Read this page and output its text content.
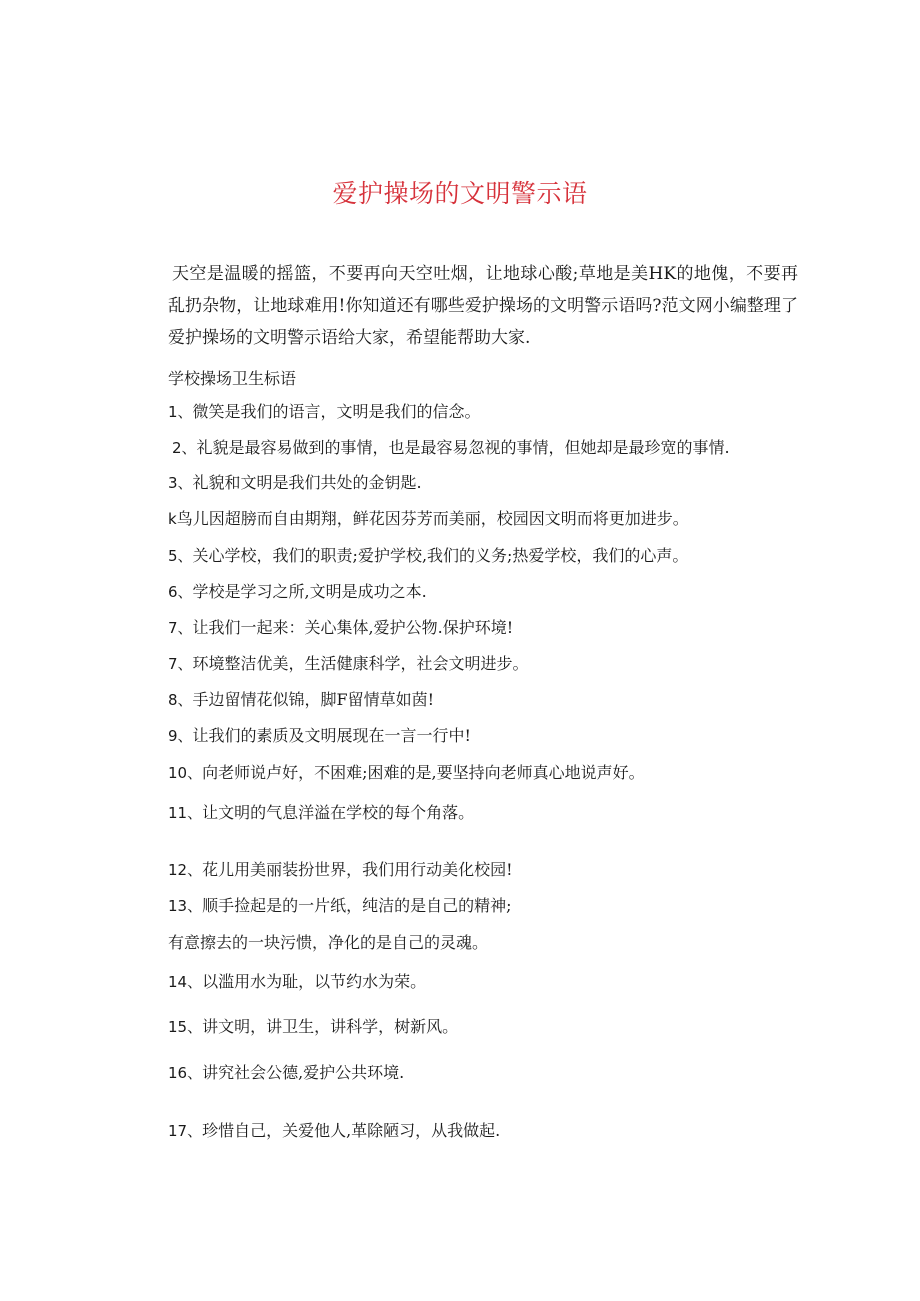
爱护操场的文明警示语

天空是温暖的摇篮，不要再向天空吐烟，让地球心酸;草地是美HK的地傀，不要再乱扔杂物，让地球难用!你知道还有哪些爱护操场的文明警示语吗?范文网小编整理了爱护操场的文明警示语给大家，希望能帮助大家.

学校操场卫生标语

1、微笑是我们的语言，文明是我们的信念。

2、礼貌是最容易做到的事情，也是最容易忽视的事情，但她却是最珍宽的事情.

3、礼貌和文明是我们共处的金钥匙.

k鸟儿因超膀而自由期翔，鲜花因芬芳而美丽，校园因文明而将更加进步。

5、关心学校，我们的职责;爱护学校,我们的义务;热爱学校，我们的心声。

6、学校是学习之所,文明是成功之本.

7、让我们一起来：关心集体,爱护公物.保护环境!

7、环境整洁优美，生活健康科学，社会文明进步。

8、手边留情花似锦，脚F留情草如茵!

9、让我们的素质及文明展现在一言一行中!

10、向老师说卢好，不困难;困难的是,要坚持向老师真心地说声好。

11、让文明的气息洋溢在学校的每个角落。

12、花儿用美丽装扮世界，我们用行动美化校园!

13、顺手捡起是的一片纸，纯洁的是自己的精神;

有意擦去的一块污愦，净化的是自己的灵魂。

14、以滥用水为耻，以节约水为荣。

15、讲文明，讲卫生，讲科学，树新风。

16、讲究社会公德,爱护公共环境.

17、珍惜自己，关爱他人,革除陋习，从我做起.
